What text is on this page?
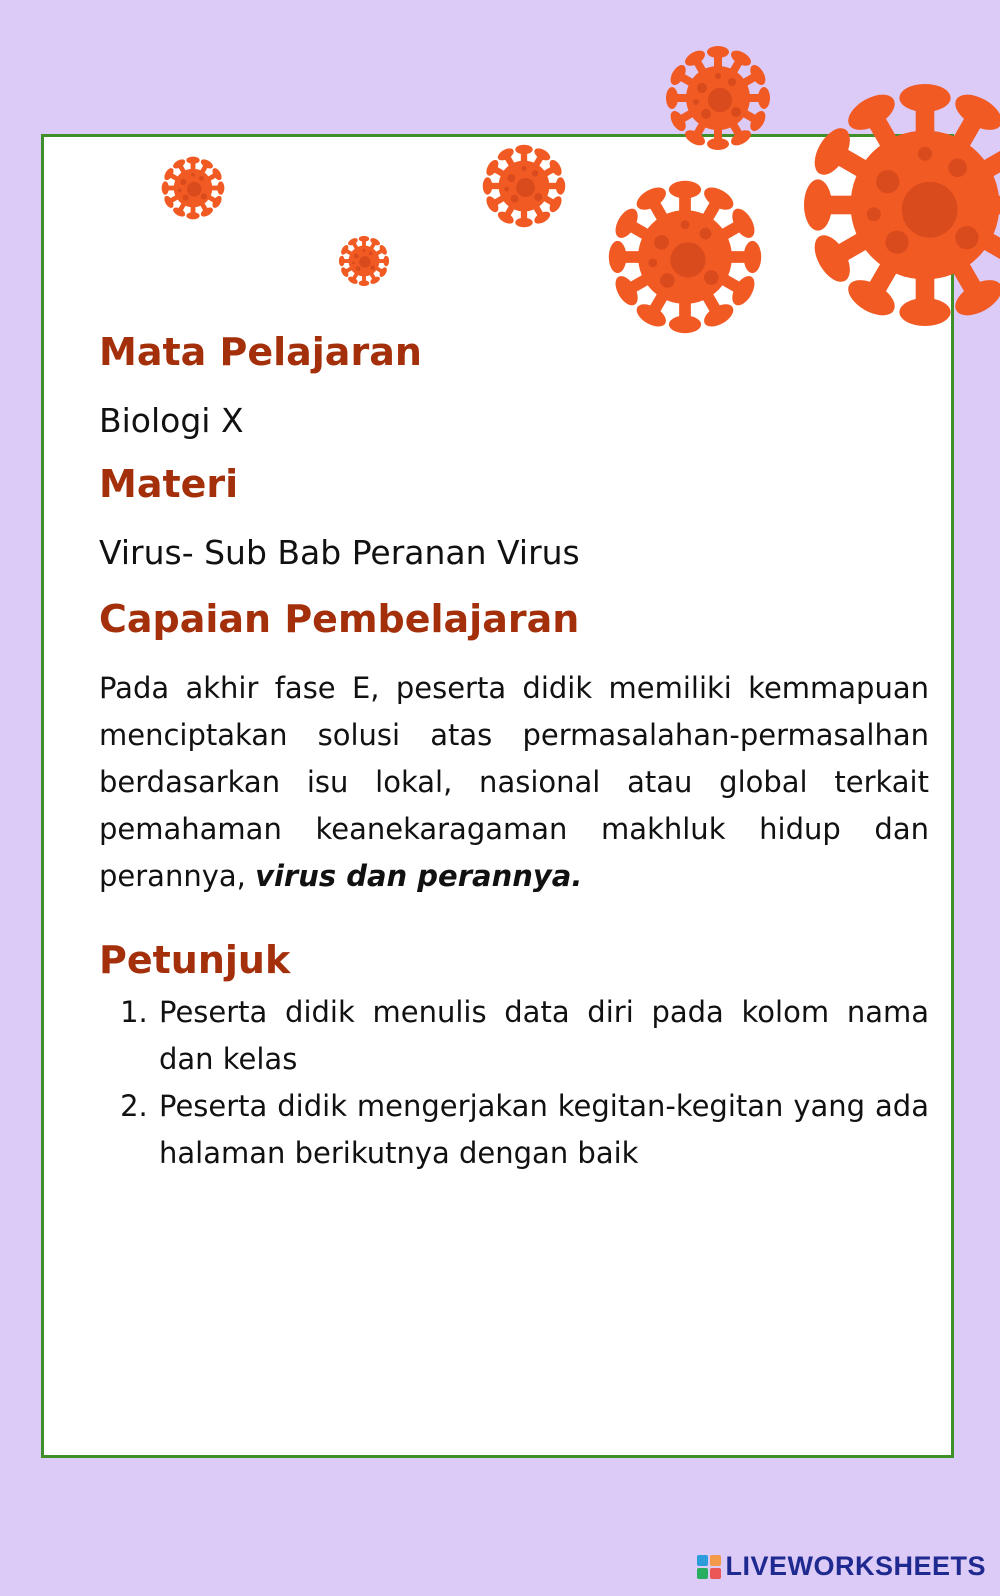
Mata Pelajaran

Biologi X

Materi

Virus- Sub Bab Peranan Virus

Capaian Pembelajaran

Pada akhir fase E, peserta didik memiliki kemmapuan menciptakan solusi atas permasalahan-permasalhan berdasarkan isu lokal, nasional atau global terkait pemahaman keanekaragaman makhluk hidup dan perannya, virus dan perannya.

Petunjuk
1. Peserta didik menulis data diri pada kolom nama dan kelas
2. Peserta didik mengerjakan kegitan-kegitan yang ada halaman berikutnya dengan baik
LIVEWORKSHEETS
